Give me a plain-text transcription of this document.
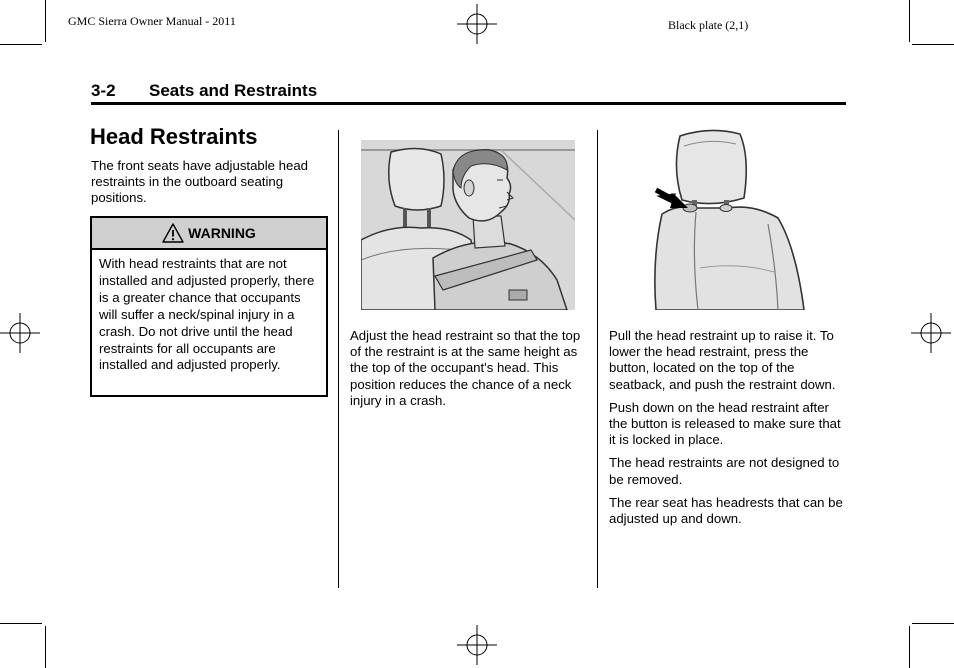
GMC Sierra Owner Manual - 2011	Black plate (2,1)
3-2 Seats and Restraints
Head Restraints

The front seats have adjustable head restraints in the outboard seating positions.

WARNING
With head restraints that are not installed and adjusted properly, there is a greater chance that occupants will suffer a neck/spinal injury in a crash. Do not drive until the head restraints for all occupants are installed and adjusted properly.

Adjust the head restraint so that the top of the restraint is at the same height as the top of the occupant's head. This position reduces the chance of a neck injury in a crash.

Pull the head restraint up to raise it. To lower the head restraint, press the button, located on the top of the seatback, and push the restraint down.

Push down on the head restraint after the button is released to make sure that it is locked in place.

The head restraints are not designed to be removed.

The rear seat has headrests that can be adjusted up and down.
